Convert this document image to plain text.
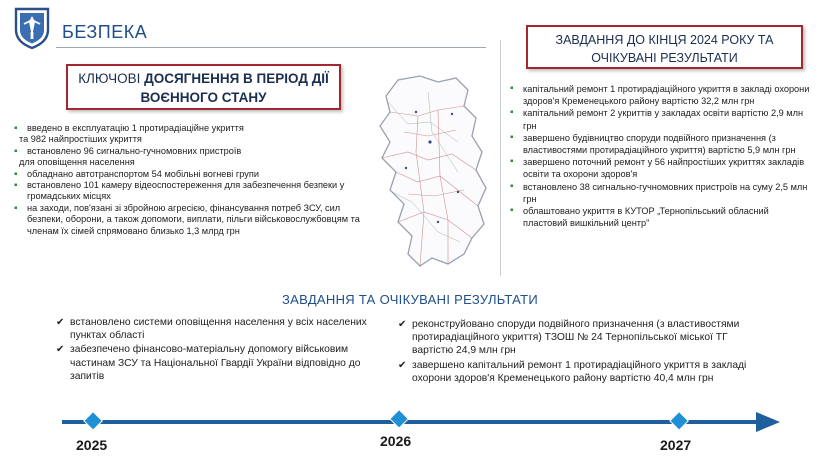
БЕЗПЕКА
КЛЮЧОВІ ДОСЯГНЕННЯ В ПЕРІОД ДІЇ
ВОЄННОГО СТАНУ
▪ введено в експлуатацію 1 протирадіаційне укриття
та 982 найпростіших укриття
▪ встановлено 96 сигнально-гучномовних пристроїв
для оповіщення населення
▪ обладнано автотранспортом 54 мобільні вогневі групи
▪ встановлено 101 камеру відеоспостереження для забезпечення безпеки у громадських місцях
▪ на заходи, пов'язані зі збройною агресією, фінансування потреб ЗСУ, сил безпеки, оборони, а також допомоги, виплати, пільги військовослужбовцям та членам їх сімей спрямовано близько 1,3 млрд грн
ЗАВДАННЯ ДО КІНЦЯ 2024 РОКУ ТА
ОЧІКУВАНІ РЕЗУЛЬТАТИ
▪ капітальний ремонт 1 протирадіаційного укриття в закладі охорони здоров'я Кременецького району вартістю 32,2 млн грн
▪ капітальний ремонт 2 укриттів у закладах освіти вартістю 2,9 млн грн
▪ завершено будівництво споруди подвійного призначення (з властивостями протирадіаційного укриття) вартістю 5,9 млн грн
▪ завершено поточний ремонт у 56 найпростіших укриттях закладів освіти та охорони здоров'я
▪ встановлено 38 сигнально-гучномовних пристроїв на суму 2,5 млн грн
▪ облаштовано укриття в КУТОР „Тернопільський обласний пластовий вишкільний центр"
ЗАВДАННЯ ТА ОЧІКУВАНІ РЕЗУЛЬТАТИ
✔ встановлено системи оповіщення населення у всіх населених пунктах області
✔ забезпечено фінансово-матеріальну допомогу військовим частинам ЗСУ та Національної Гвардії України відповідно до запитів
✔ реконструйовано споруди подвійного призначення (з властивостями протирадіаційного укриття) ТЗОШ № 24 Тернопільської міської ТГ вартістю 24,9 млн грн
✔ завершено капітальний ремонт 1 протирадіаційного укриття в закладі охорони здоров'я Кременецького району вартістю 40,4 млн грн
2025	2026	2027
